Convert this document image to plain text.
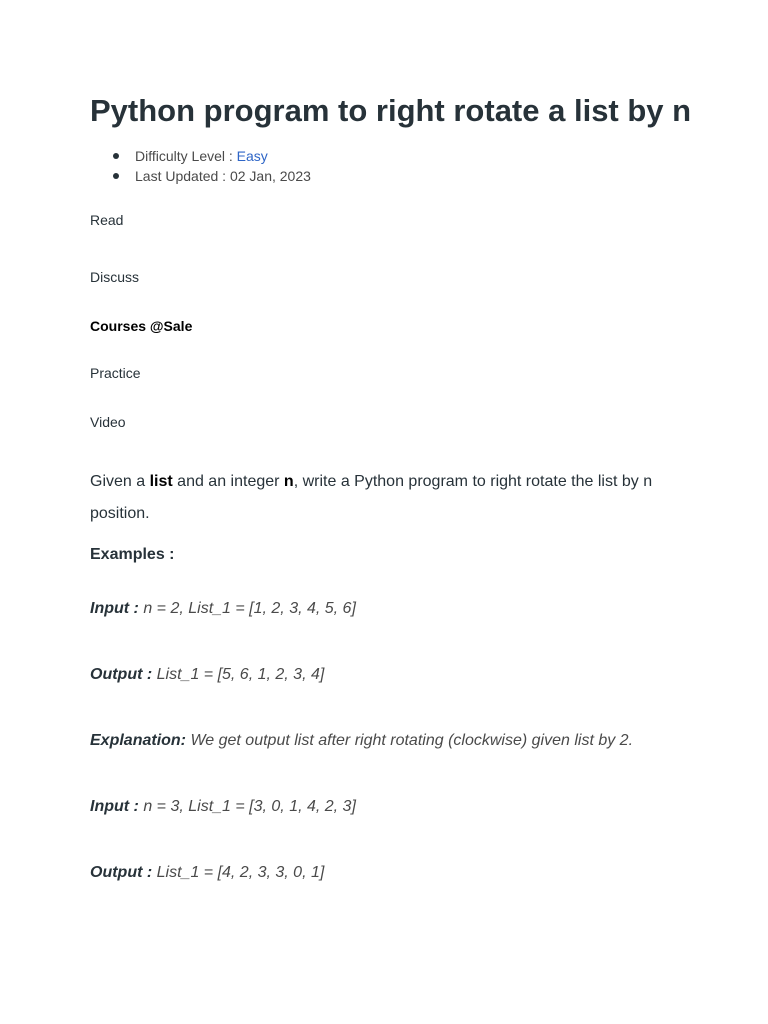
Python program to right rotate a list by n
Difficulty Level : Easy
Last Updated : 02 Jan, 2023
Read
Discuss
Courses @Sale
Practice
Video

Given a list and an integer n, write a Python program to right rotate the list by n position.

Examples :
Input : n = 2, List_1 = [1, 2, 3, 4, 5, 6]
Output : List_1 = [5, 6, 1, 2, 3, 4]
Explanation: We get output list after right rotating (clockwise) given list by 2.
Input : n = 3, List_1 = [3, 0, 1, 4, 2, 3]
Output : List_1 = [4, 2, 3, 3, 0, 1]
